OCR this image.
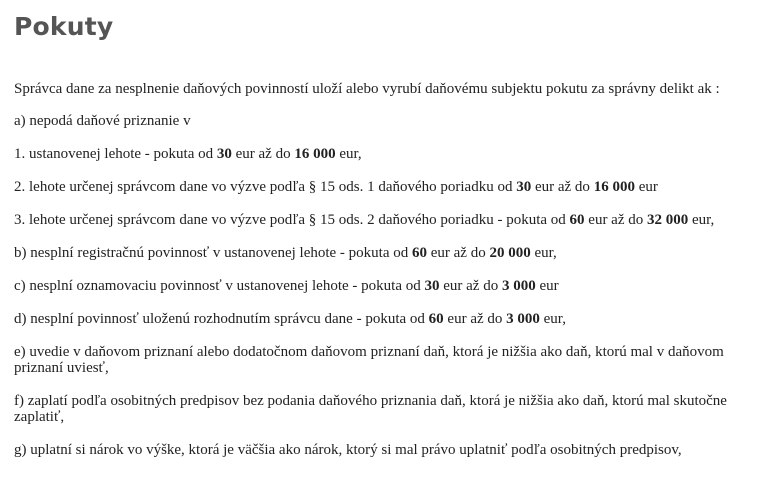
Pokuty

Správca dane za nesplnenie daňových povinností uloží alebo vyrubí daňovému subjektu pokutu za správny delikt ak :

a) nepodá daňové priznanie v

1. ustanovenej lehote - pokuta od 30 eur až do 16 000 eur,

2. lehote určenej správcom dane vo výzve podľa § 15 ods. 1 daňového poriadku od 30 eur až do 16 000 eur

3. lehote určenej správcom dane vo výzve podľa § 15 ods. 2 daňového poriadku - pokuta od 60 eur až do 32 000 eur,

b) nesplní registračnú povinnosť v ustanovenej lehote - pokuta od 60 eur až do 20 000 eur,

c) nesplní oznamovaciu povinnosť v ustanovenej lehote - pokuta od 30 eur až do 3 000 eur

d) nesplní povinnosť uloženú rozhodnutím správcu dane - pokuta od 60 eur až do 3 000 eur,

e) uvedie v daňovom priznaní alebo dodatočnom daňovom priznaní daň, ktorá je nižšia ako daň, ktorú mal v daňovom priznaní uviesť,

f) zaplatí podľa osobitných predpisov bez podania daňového priznania daň, ktorá je nižšia ako daň, ktorú mal skutočne zaplatiť,

g) uplatní si nárok vo výške, ktorá je väčšia ako nárok, ktorý si mal právo uplatniť podľa osobitných predpisov,
